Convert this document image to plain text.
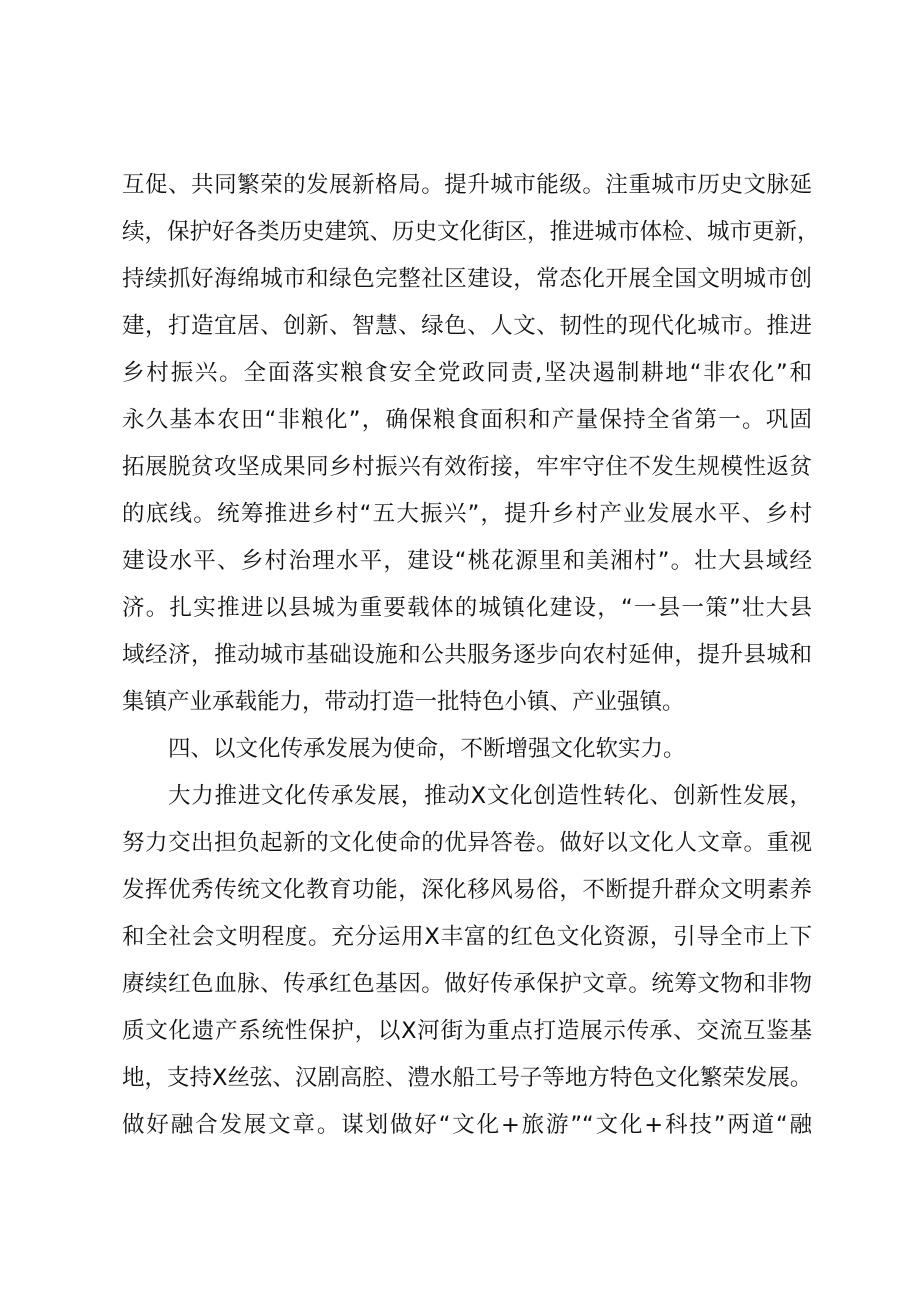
互促、共同繁荣的发展新格局。提升城市能级。注重城市历史文脉延
续，保护好各类历史建筑、历史文化街区，推进城市体检、城市更新，
持续抓好海绵城市和绿色完整社区建设，常态化开展全国文明城市创
建，打造宜居、创新、智慧、绿色、人文、韧性的现代化城市。推进
乡村振兴。全面落实粮食安全党政同责,坚决遏制耕地“非农化”和
永久基本农田“非粮化”，确保粮食面积和产量保持全省第一。巩固
拓展脱贫攻坚成果同乡村振兴有效衔接，牢牢守住不发生规模性返贫
的底线。统筹推进乡村“五大振兴”，提升乡村产业发展水平、乡村
建设水平、乡村治理水平，建设“桃花源里和美湘村”。壮大县域经
济。扎实推进以县城为重要载体的城镇化建设，“一县一策”壮大县
域经济，推动城市基础设施和公共服务逐步向农村延伸，提升县城和
集镇产业承载能力，带动打造一批特色小镇、产业强镇。
四、以文化传承发展为使命，不断增强文化软实力。
大力推进文化传承发展，推动X文化创造性转化、创新性发展，
努力交出担负起新的文化使命的优异答卷。做好以文化人文章。重视
发挥优秀传统文化教育功能，深化移风易俗，不断提升群众文明素养
和全社会文明程度。充分运用X丰富的红色文化资源，引导全市上下
赓续红色血脉、传承红色基因。做好传承保护文章。统筹文物和非物
质文化遗产系统性保护，以X河街为重点打造展示传承、交流互鉴基
地，支持X丝弦、汉剧高腔、澧水船工号子等地方特色文化繁荣发展。
做好融合发展文章。谋划做好“文化+旅游”“文化+科技”两道“融
